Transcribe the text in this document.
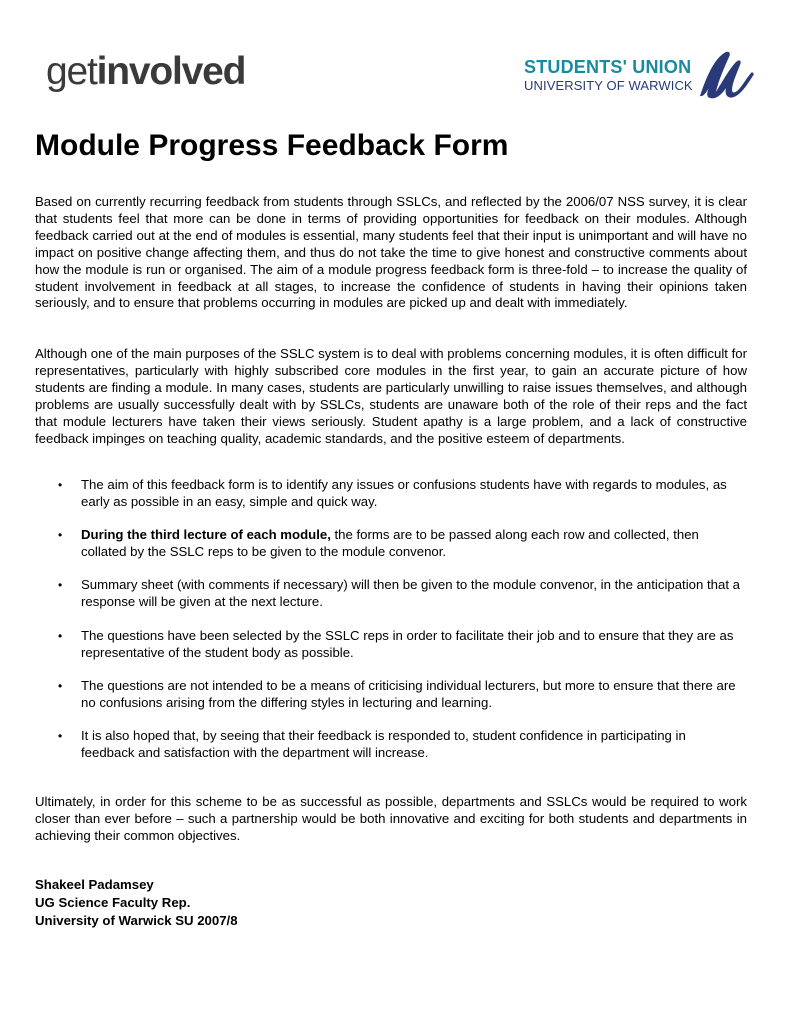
getinvolved	STUDENTS' UNION
UNIVERSITY OF WARWICK
Module Progress Feedback Form

Based on currently recurring feedback from students through SSLCs, and reflected by the 2006/07 NSS survey, it is clear that students feel that more can be done in terms of providing opportunities for feedback on their modules. Although feedback carried out at the end of modules is essential, many students feel that their input is unimportant and will have no impact on positive change affecting them, and thus do not take the time to give honest and constructive comments about how the module is run or organised. The aim of a module progress feedback form is three-fold – to increase the quality of student involvement in feedback at all stages, to increase the confidence of students in having their opinions taken seriously, and to ensure that problems occurring in modules are picked up and dealt with immediately.

Although one of the main purposes of the SSLC system is to deal with problems concerning modules, it is often difficult for representatives, particularly with highly subscribed core modules in the first year, to gain an accurate picture of how students are finding a module. In many cases, students are particularly unwilling to raise issues themselves, and although problems are usually successfully dealt with by SSLCs, students are unaware both of the role of their reps and the fact that module lecturers have taken their views seriously. Student apathy is a large problem, and a lack of constructive feedback impinges on teaching quality, academic standards, and the positive esteem of departments.

• The aim of this feedback form is to identify any issues or confusions students have with regards to modules, as early as possible in an easy, simple and quick way.
• During the third lecture of each module, the forms are to be passed along each row and collected, then collated by the SSLC reps to be given to the module convenor.
• Summary sheet (with comments if necessary) will then be given to the module convenor, in the anticipation that a response will be given at the next lecture.
• The questions have been selected by the SSLC reps in order to facilitate their job and to ensure that they are as representative of the student body as possible.
• The questions are not intended to be a means of criticising individual lecturers, but more to ensure that there are no confusions arising from the differing styles in lecturing and learning.
• It is also hoped that, by seeing that their feedback is responded to, student confidence in participating in feedback and satisfaction with the department will increase.

Ultimately, in order for this scheme to be as successful as possible, departments and SSLCs would be required to work closer than ever before – such a partnership would be both innovative and exciting for both students and departments in achieving their common objectives.

Shakeel Padamsey
UG Science Faculty Rep.
University of Warwick SU 2007/8
